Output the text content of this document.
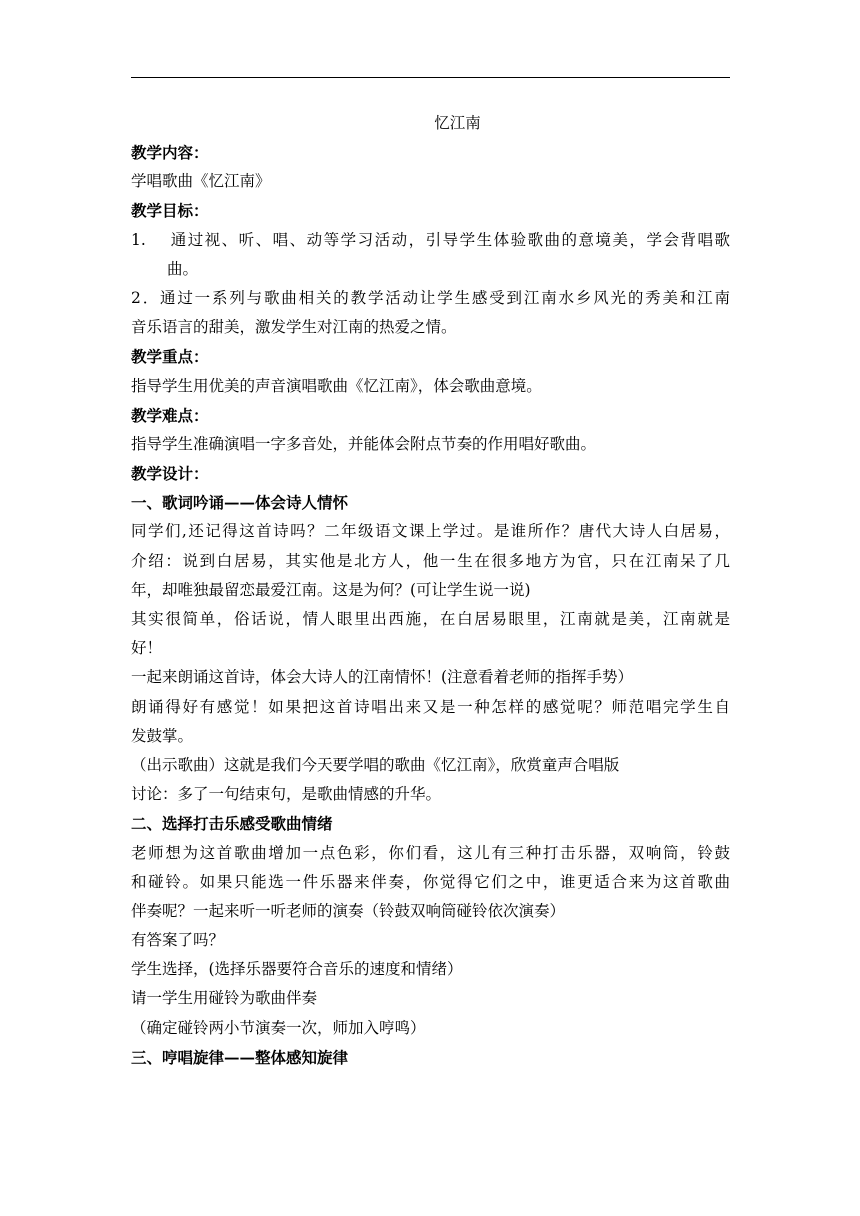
忆江南
教学内容：
学唱歌曲《忆江南》
教学目标：
1.　 通过视、听、唱、动等学习活动，引导学生体验歌曲的意境美，学会背唱歌
曲。
2．通过一系列与歌曲相关的教学活动让学生感受到江南水乡风光的秀美和江南
音乐语言的甜美，激发学生对江南的热爱之情。
教学重点：
指导学生用优美的声音演唱歌曲《忆江南》，体会歌曲意境。
教学难点：
指导学生准确演唱一字多音处，并能体会附点节奏的作用唱好歌曲。
教学设计：
一、歌词吟诵——体会诗人情怀
同学们,还记得这首诗吗？二年级语文课上学过。是谁所作？唐代大诗人白居易，
介绍：说到白居易，其实他是北方人，他一生在很多地方为官，只在江南呆了几
年，却唯独最留恋最爱江南。这是为何？(可让学生说一说)
其实很简单，俗话说，情人眼里出西施，在白居易眼里，江南就是美，江南就是
好！
一起来朗诵这首诗，体会大诗人的江南情怀！(注意看着老师的指挥手势）
朗诵得好有感觉！如果把这首诗唱出来又是一种怎样的感觉呢？师范唱完学生自
发鼓掌。
（出示歌曲）这就是我们今天要学唱的歌曲《忆江南》，欣赏童声合唱版
讨论：多了一句结束句，是歌曲情感的升华。
二、选择打击乐感受歌曲情绪
老师想为这首歌曲增加一点色彩，你们看，这儿有三种打击乐器，双响筒，铃鼓
和碰铃。如果只能选一件乐器来伴奏，你觉得它们之中，谁更适合来为这首歌曲
伴奏呢？一起来听一听老师的演奏（铃鼓双响筒碰铃依次演奏）
有答案了吗？
学生选择，(选择乐器要符合音乐的速度和情绪）
请一学生用碰铃为歌曲伴奏
（确定碰铃两小节演奏一次，师加入哼鸣）
三、哼唱旋律——整体感知旋律
